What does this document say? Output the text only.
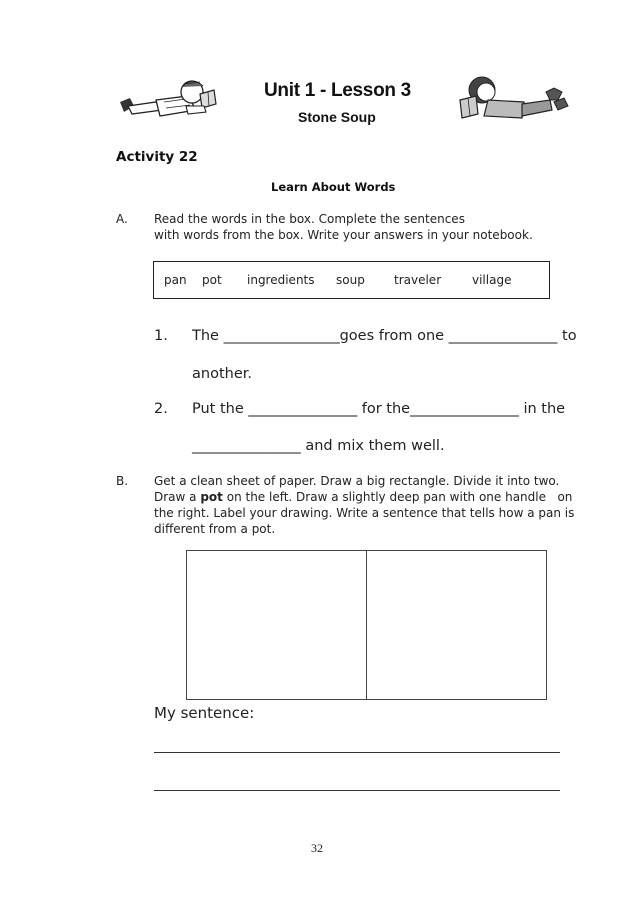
Unit 1 - Lesson 3
Stone Soup
Activity 22
Learn About Words
A. Read the words in the box. Complete the sentences
with words from the box. Write your answers in your notebook.
pan pot ingredients soup traveler	village
1. The ________________goes from one _______________ to
another.
2. Put the _______________ for the_______________ in the
_______________ and mix them well.
B. Get a clean sheet of paper. Draw a big rectangle. Divide it into two.
Draw a pot on the left. Draw a slightly deep pan with one handle   on
the right. Label your drawing. Write a sentence that tells how a pan is
different from a pot.
My sentence:
32
